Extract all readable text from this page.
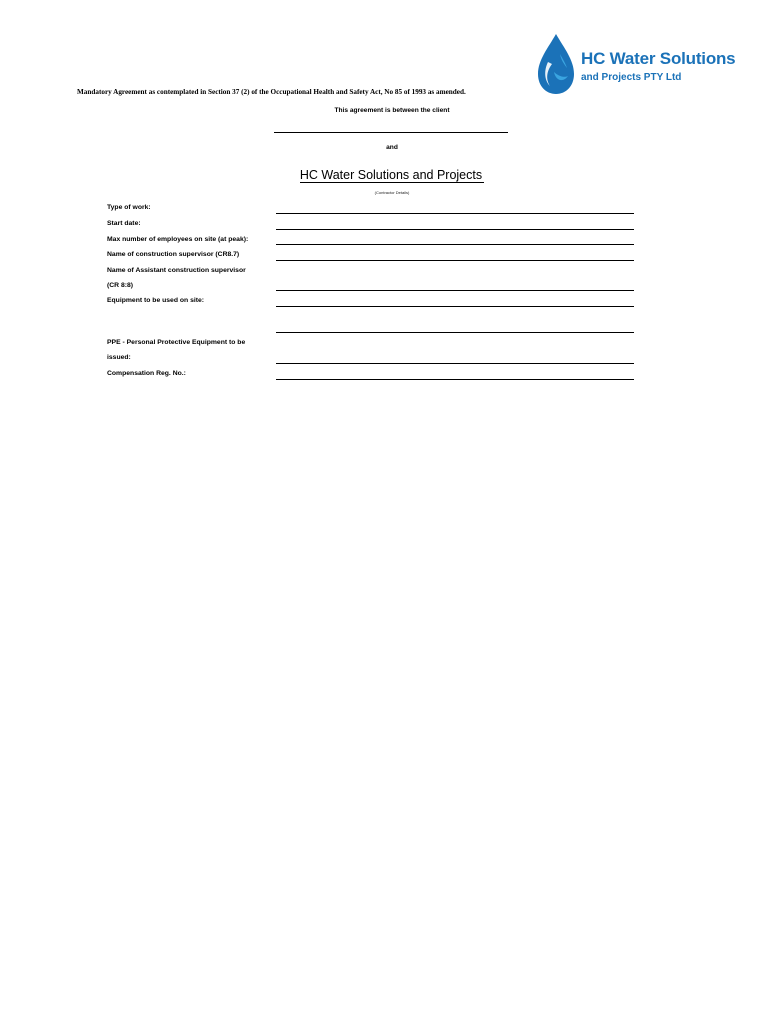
HC Water Solutions
and Projects PTY Ltd
Mandatory Agreement as contemplated in Section 37 (2) of the Occupational Health and Safety Act, No 85 of 1993 as amended.
This agreement is between the client
and
HC Water Solutions and Projects
(Contractor Details)
Type of work:
Start date:
Max number of employees on site (at peak):
Name of construction supervisor (CR8.7)
Name of Assistant construction supervisor
(CR 8:8)
Equipment to be used on site:
PPE - Personal Protective Equipment to be
issued:
Compensation Reg. No.:
